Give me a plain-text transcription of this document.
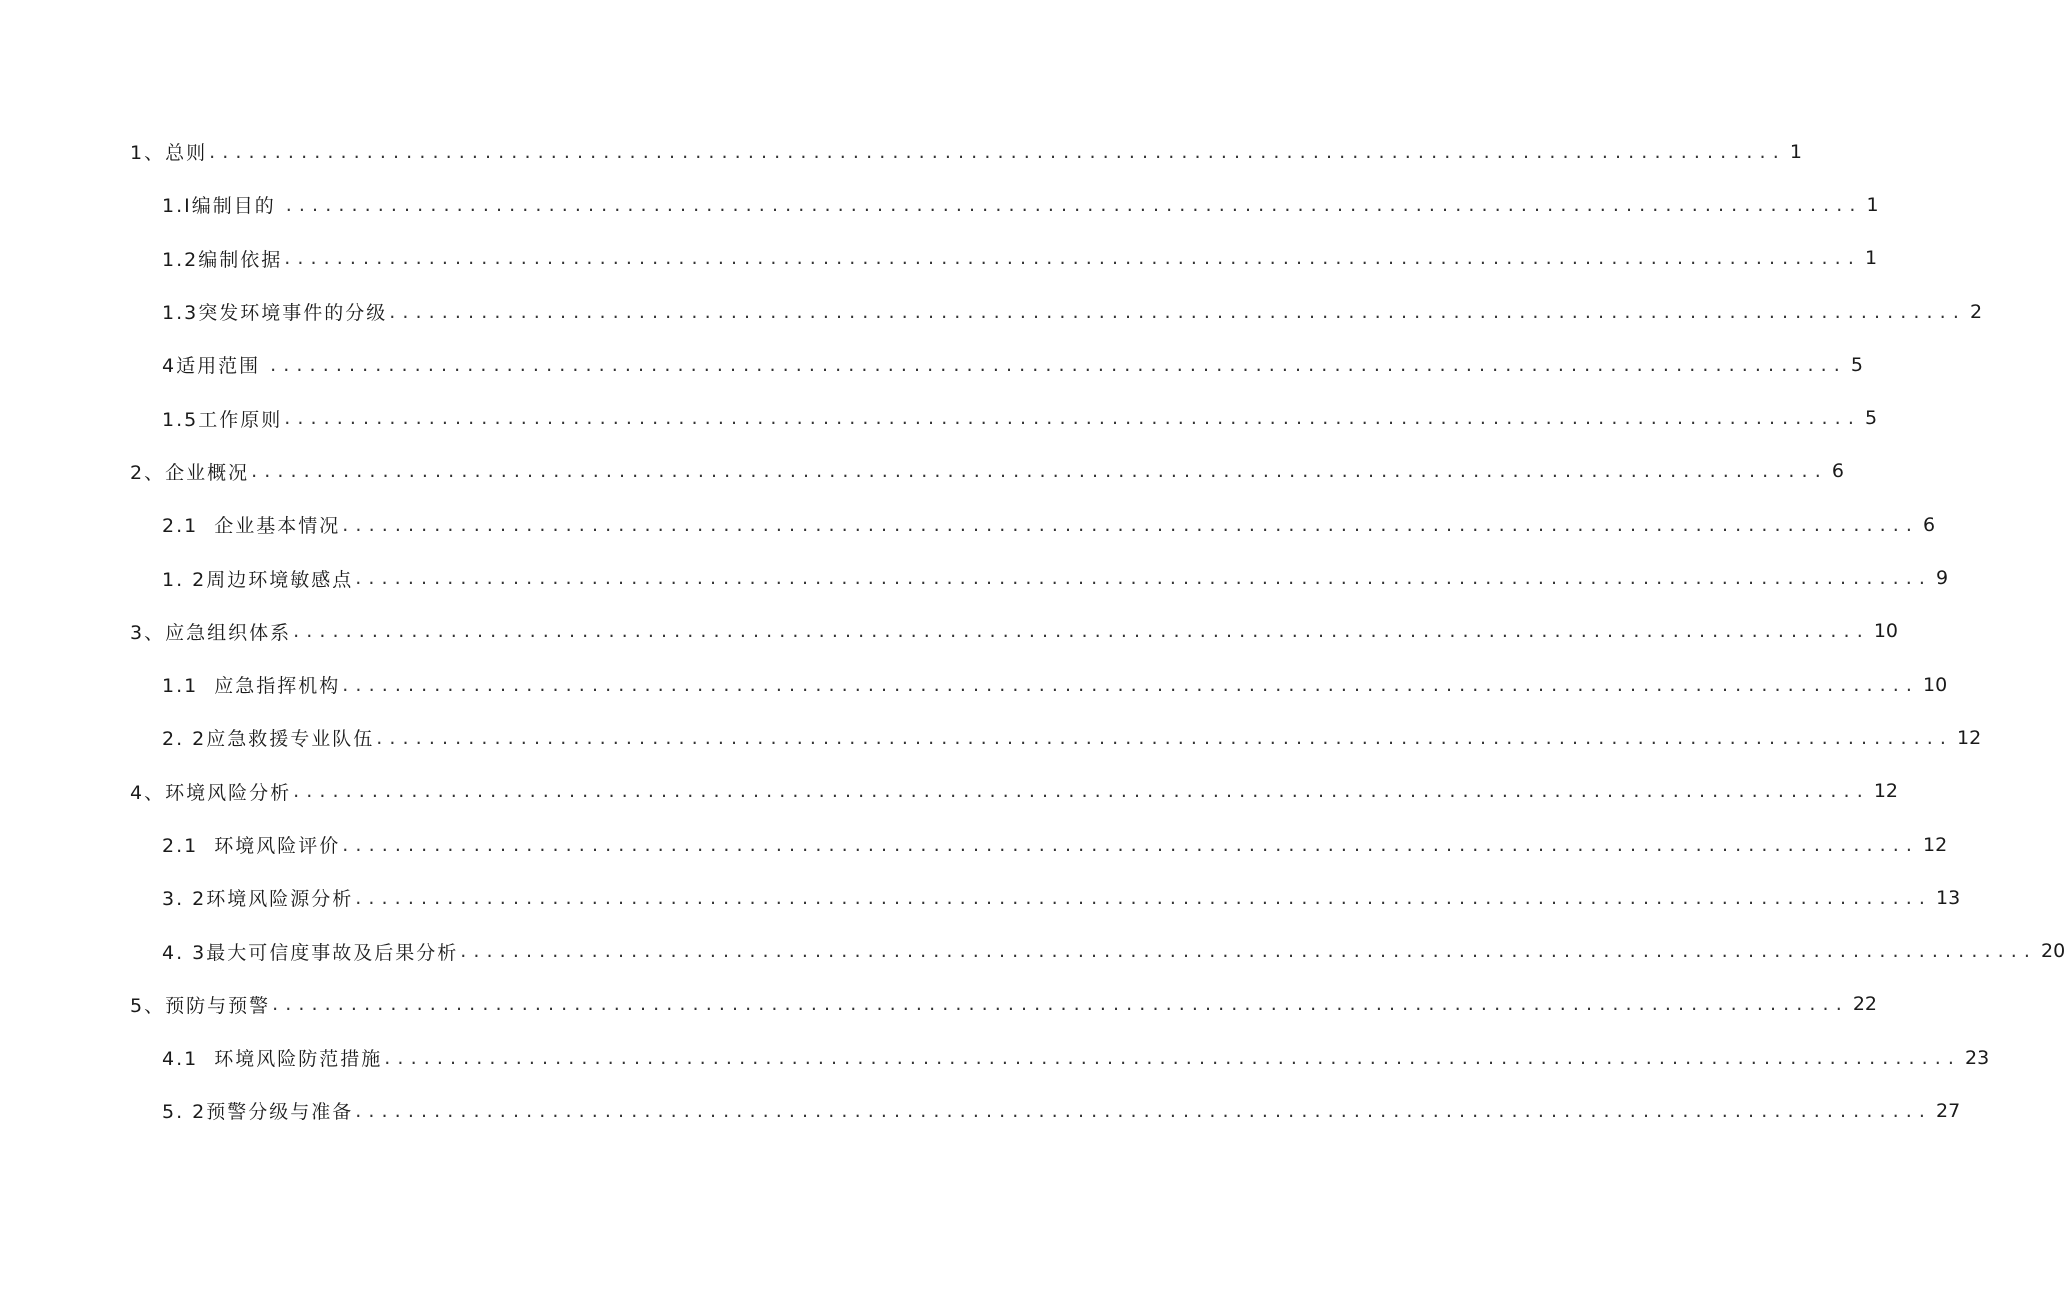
1、总则 ........................................................................................................................ 1
1.I编制目的 ........................................................................................................................ 1
1.2编制依据 ........................................................................................................................ 1
1.3突发环境事件的分级 ........................................................................................................................ 2
4适用范围 ........................................................................................................................ 5
1.5工作原则 ........................................................................................................................ 5
2、企业概况 ........................................................................................................................ 6
2.1  企业基本情况 ........................................................................................................................ 6
1. 2周边环境敏感点 ........................................................................................................................ 9
3、应急组织体系 ........................................................................................................................ 10
1.1  应急指挥机构 ........................................................................................................................ 10
2. 2应急救援专业队伍 ........................................................................................................................ 12
4、环境风险分析 ........................................................................................................................ 12
2.1  环境风险评价 ........................................................................................................................ 12
3. 2环境风险源分析 ........................................................................................................................ 13
4. 3最大可信度事故及后果分析 ........................................................................................................................ 20
5、预防与预警 ........................................................................................................................ 22
4.1  环境风险防范措施 ........................................................................................................................ 23
5. 2预警分级与准备 ........................................................................................................................ 27
